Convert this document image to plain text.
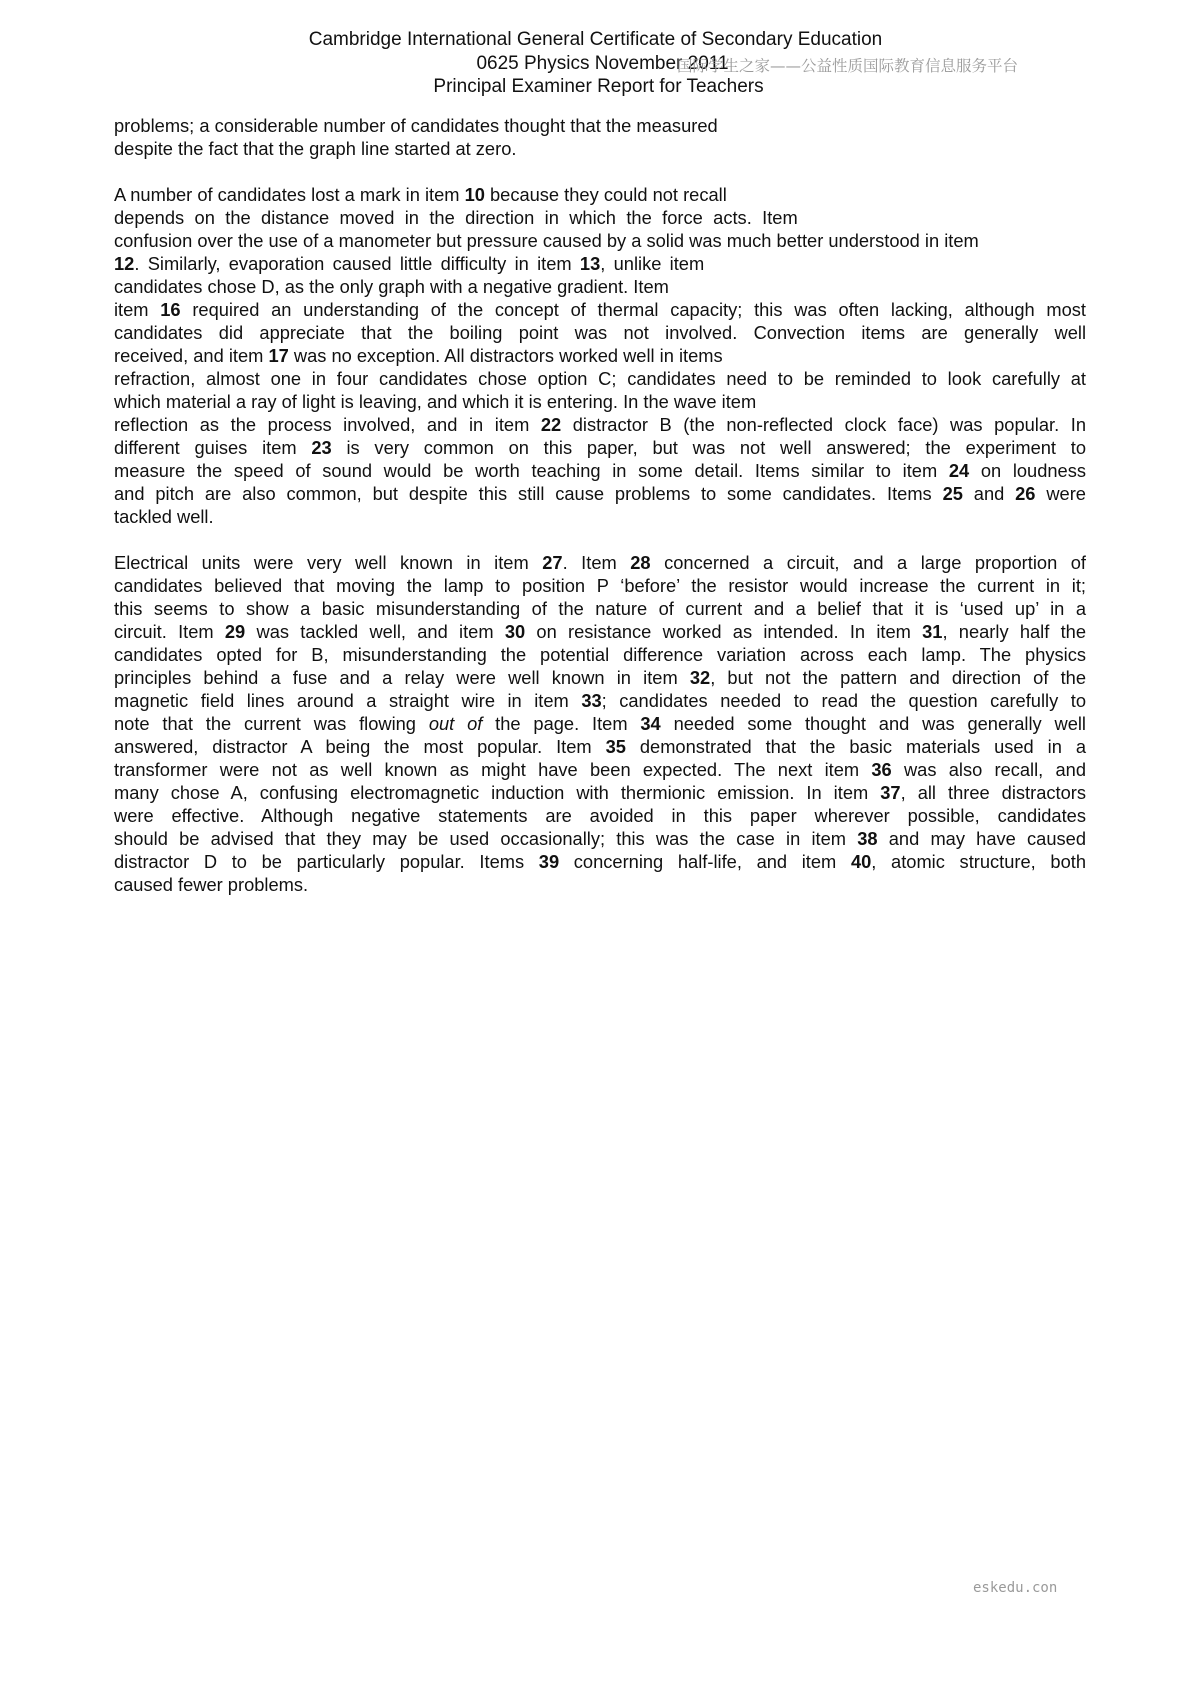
Cambridge International General Certificate of Secondary Education
0625 Physics November 2011
Principal Examiner Report for Teachers
国际学生之家——公益性质国际教育信息服务平台
problems; a considerable number of candidates thought that the measured
despite the fact that the graph line started at zero.
A number of candidates lost a mark in item 10 because they could not recall
depends on the distance moved in the direction in which the force acts. Item
confusion over the use of a manometer but pressure caused by a solid was much better understood in item
12. Similarly, evaporation caused little difficulty in item 13, unlike item
candidates chose D, as the only graph with a negative gradient. Item
item 16 required an understanding of the concept of thermal capacity; this was often lacking, although most
candidates did appreciate that the boiling point was not involved. Convection items are generally well
received, and item 17 was no exception. All distractors worked well in items
refraction, almost one in four candidates chose option C; candidates need to be reminded to look carefully at
which material a ray of light is leaving, and which it is entering. In the wave item
reflection as the process involved, and in item 22 distractor B (the non-reflected clock face) was popular. In
different guises item 23 is very common on this paper, but was not well answered; the experiment to
measure the speed of sound would be worth teaching in some detail. Items similar to item 24 on loudness
and pitch are also common, but despite this still cause problems to some candidates. Items 25 and 26 were
tackled well.
Electrical units were very well known in item 27. Item 28 concerned a circuit, and a large proportion of
candidates believed that moving the lamp to position P ‘before’ the resistor would increase the current in it;
this seems to show a basic misunderstanding of the nature of current and a belief that it is ‘used up’ in a
circuit. Item 29 was tackled well, and item 30 on resistance worked as intended. In item 31, nearly half the
candidates opted for B, misunderstanding the potential difference variation across each lamp. The physics
principles behind a fuse and a relay were well known in item 32, but not the pattern and direction of the
magnetic field lines around a straight wire in item 33; candidates needed to read the question carefully to
note that the current was flowing out of the page. Item 34 needed some thought and was generally well
answered, distractor A being the most popular. Item 35 demonstrated that the basic materials used in a
transformer were not as well known as might have been expected. The next item 36 was also recall, and
many chose A, confusing electromagnetic induction with thermionic emission. In item 37, all three distractors
were effective. Although negative statements are avoided in this paper wherever possible, candidates
should be advised that they may be used occasionally; this was the case in item 38 and may have caused
distractor D to be particularly popular. Items 39 concerning half-life, and item 40, atomic structure, both
caused fewer problems.
eskedu.con
